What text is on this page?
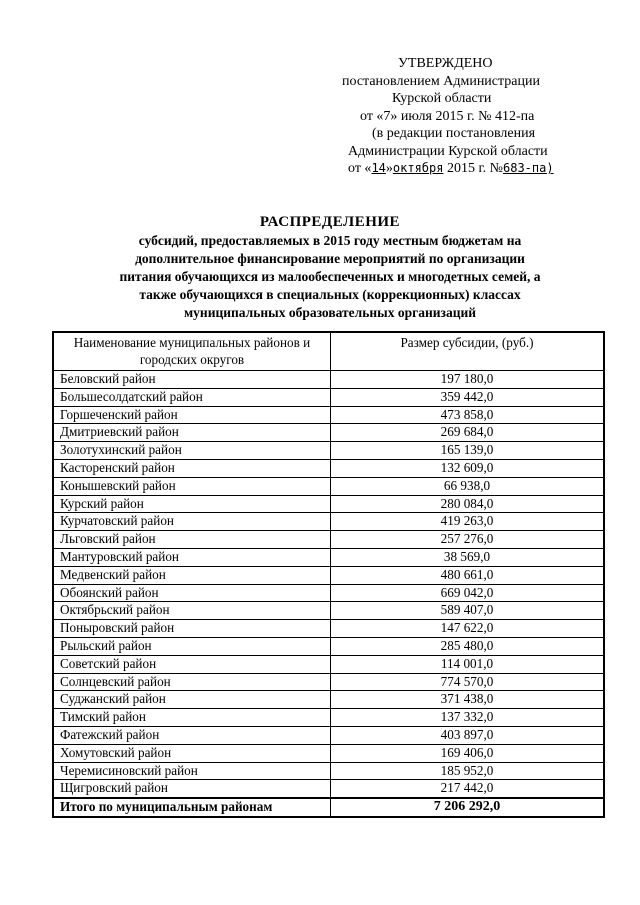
УТВЕРЖДЕНО
постановлением Администрации
Курской области
от «7» июля 2015 г. № 412-па
(в редакции постановления
Администрации Курской области
от «14»октября 2015 г. №683-па)
РАСПРЕДЕЛЕНИЕ
субсидий, предоставляемых в 2015 году местным бюджетам на
дополнительное финансирование мероприятий по организации
питания обучающихся из малообеспеченных и многодетных семей, а
также обучающихся в специальных (коррекционных) классах
муниципальных образовательных организаций
Наименование муниципальных районов и городских округов	Размер субсидии, (руб.)
Беловский район	197 180,0
Большесолдатский район	359 442,0
Горшеченский район	473 858,0
Дмитриевский район	269 684,0
Золотухинский район	165 139,0
Касторенский район	132 609,0
Конышевский район	66 938,0
Курский район	280 084,0
Курчатовский район	419 263,0
Льговский район	257 276,0
Мантуровский район	38 569,0
Медвенский район	480 661,0
Обоянский район	669 042,0
Октябрьский район	589 407,0
Поныровский район	147 622,0
Рыльский район	285 480,0
Советский район	114 001,0
Солнцевский район	774 570,0
Суджанский район	371 438,0
Тимский район	137 332,0
Фатежский район	403 897,0
Хомутовский район	169 406,0
Черемисиновский район	185 952,0
Щигровский район	217 442,0
Итого по муниципальным районам	7 206 292,0
